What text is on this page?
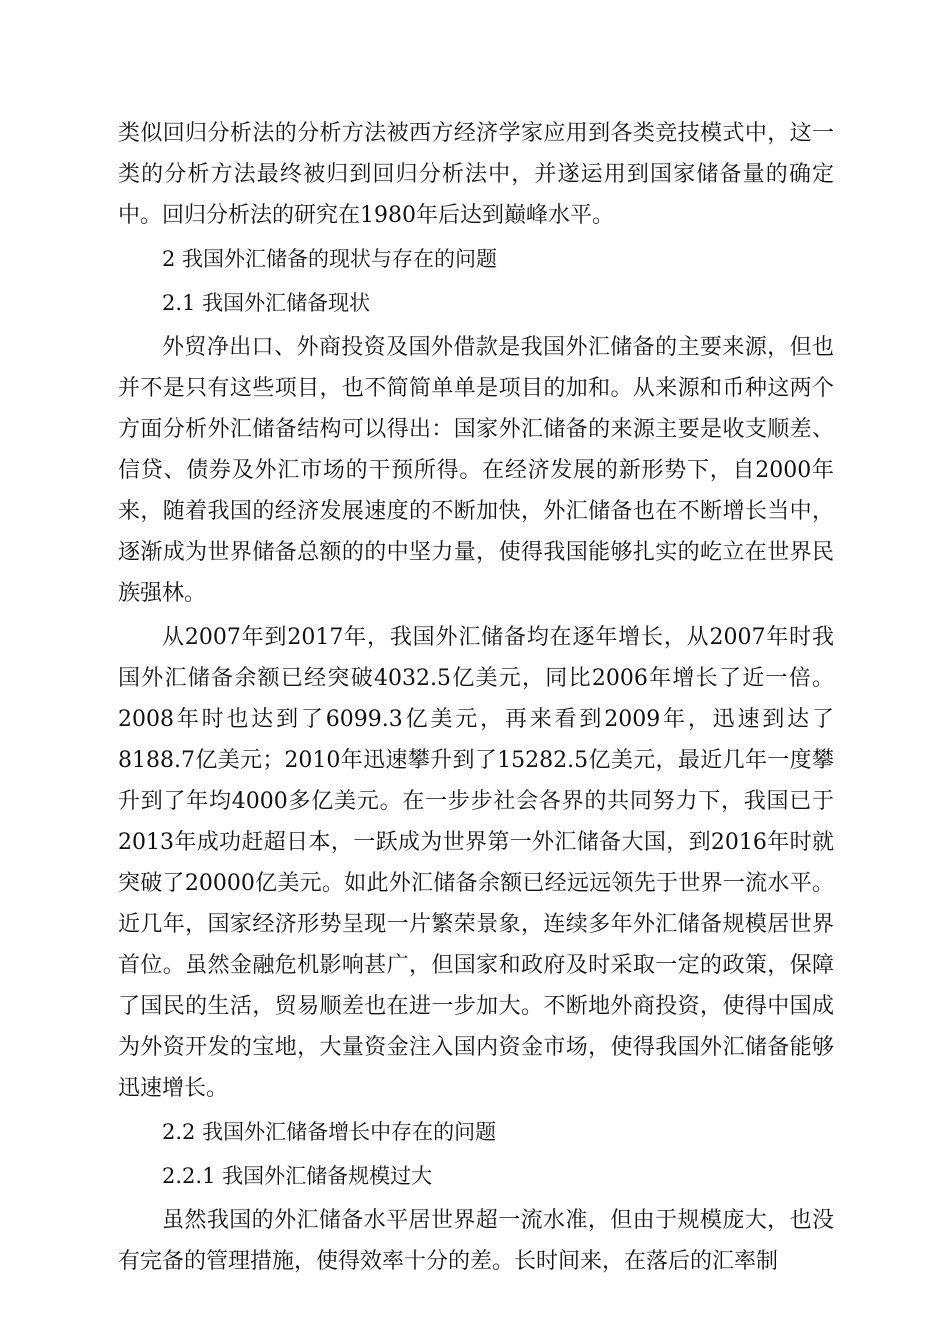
类似回归分析法的分析方法被西方经济学家应用到各类竞技模式中，这一类的分析方法最终被归到回归分析法中，并遂运用到国家储备量的确定中。回归分析法的研究在1980年后达到巅峰水平。

2 我国外汇储备的现状与存在的问题

2.1 我国外汇储备现状

外贸净出口、外商投资及国外借款是我国外汇储备的主要来源，但也并不是只有这些项目，也不简简单单是项目的加和。从来源和币种这两个方面分析外汇储备结构可以得出：国家外汇储备的来源主要是收支顺差、信贷、债券及外汇市场的干预所得。在经济发展的新形势下，自2000年来，随着我国的经济发展速度的不断加快，外汇储备也在不断增长当中，逐渐成为世界储备总额的的中坚力量，使得我国能够扎实的屹立在世界民族强林。

从2007年到2017年，我国外汇储备均在逐年增长，从2007年时我国外汇储备余额已经突破4032.5亿美元，同比2006年增长了近一倍。2008年时也达到了6099.3亿美元，再来看到2009年，迅速到达了8188.7亿美元；2010年迅速攀升到了15282.5亿美元，最近几年一度攀升到了年均4000多亿美元。在一步步社会各界的共同努力下，我国已于2013年成功赶超日本，一跃成为世界第一外汇储备大国，到2016年时就突破了20000亿美元。如此外汇储备余额已经远远领先于世界一流水平。近几年，国家经济形势呈现一片繁荣景象，连续多年外汇储备规模居世界首位。虽然金融危机影响甚广，但国家和政府及时采取一定的政策，保障了国民的生活，贸易顺差也在进一步加大。不断地外商投资，使得中国成为外资开发的宝地，大量资金注入国内资金市场，使得我国外汇储备能够迅速增长。

2.2 我国外汇储备增长中存在的问题

2.2.1 我国外汇储备规模过大

虽然我国的外汇储备水平居世界超一流水准，但由于规模庞大，也没有完备的管理措施，使得效率十分的差。长时间来，在落后的汇率制
